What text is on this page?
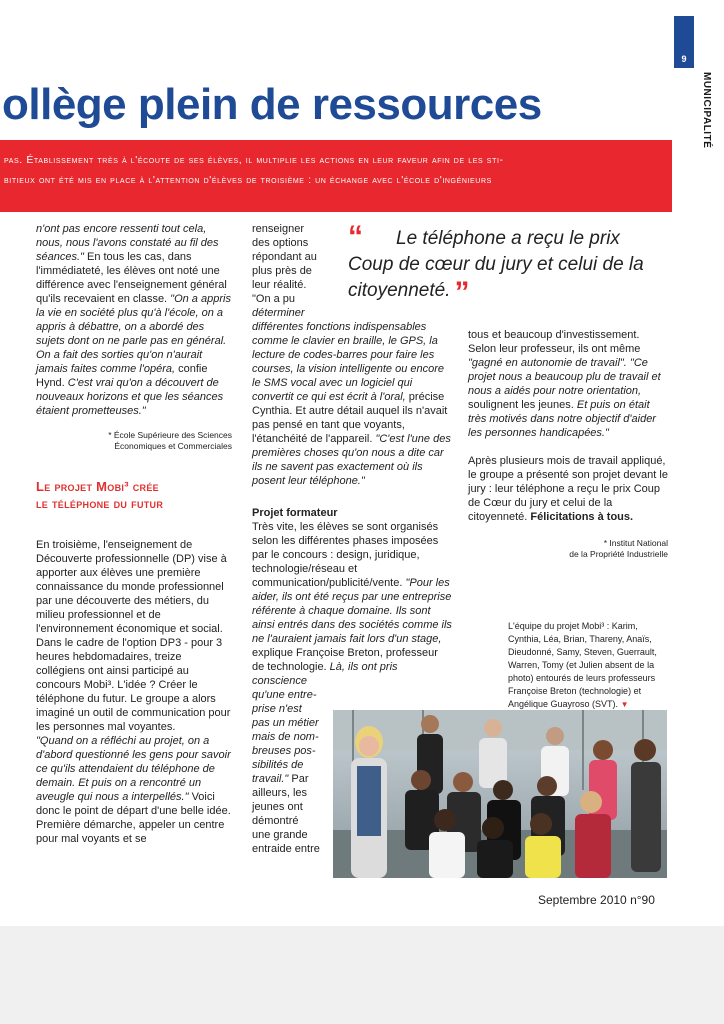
9
MUNICIPALITÉ
ollège plein de ressources
pas. Établissement très à l'écoute de ses élèves, il multiplie les actions en leur faveur afin de les sti-
bitieux ont été mis en place à l'attention d'élèves de troisième : un échange avec l'école d'ingénieurs

n'ont pas encore ressenti tout cela, nous, nous l'avons constaté au fil des séances." En tous les cas, dans l'immédiateté, les élèves ont noté une différence avec l'enseignement général qu'ils recevaient en classe. "On a appris la vie en société plus qu'à l'école, on a appris à débattre, on a abordé des sujets dont on ne parle pas en général. On a fait des sorties qu'on n'aurait jamais faites comme l'opéra, confie Hynd. C'est vrai qu'on a découvert de nouveaux horizons et que les séances étaient prometteuses."

* École Supérieure des Sciences
Économiques et Commerciales
Le projet Mobi³ crée
le téléphone du futur

En troisième, l'enseignement de Découverte professionnelle (DP) vise à apporter aux élèves une première connaissance du monde professionnel par une découverte des métiers, du milieu professionnel et de l'environnement économique et social. Dans le cadre de l'option DP3 - pour 3 heures hebdomadaires, treize collégiens ont ainsi participé au concours Mobi³. L'idée ? Créer le téléphone du futur. Le groupe a alors imaginé un outil de communication pour les personnes mal voyantes.

"Quand on a réfléchi au projet, on a d'abord questionné les gens pour savoir ce qu'ils attendaient du téléphone de demain. Et puis on a rencontré un aveugle qui nous a interpellés." Voici donc le point de départ d'une belle idée. Première démarche, appeler un centre pour mal voyants et se

“	Le téléphone a reçu le prix Coup de cœur du jury et celui de la citoyenneté. ”
renseigner
des options
répondant au
plus près de
leur réalité.
"On a pu
déterminer

différentes fonctions indispensables comme le clavier en braille, le GPS, la lecture de codes-barres pour faire les courses, la vision intelligente ou encore le SMS vocal avec un logiciel qui convertit ce qui est écrit à l'oral, précise Cynthia. Et autre détail auquel ils n'avait pas pensé en tant que voyants, l'étanchéité de l'appareil. "C'est l'une des premières choses qu'on nous a dite car ils ne savent pas exactement où ils posent leur téléphone."

Projet formateur

Très vite, les élèves se sont organisés selon les différentes phases imposées par le concours : design, juridique, technologie/réseau et communication/publicité/vente. "Pour les aider, ils ont été reçus par une entreprise référente à chaque domaine. Ils sont ainsi entrés dans des sociétés comme ils ne l'auraient jamais fait lors d'un stage, explique Françoise Breton, professeur de technologie. Là, ils ont pris

conscience
qu'une entre-
prise n'est
pas un métier
mais de nom-
breuses pos-
sibilités de
travail." Par
ailleurs, les
jeunes ont
démontré
une grande
entraide entre

tous et beaucoup d'investissement. Selon leur professeur, ils ont même "gagné en autonomie de travail". "Ce projet nous a beaucoup plu de travail et nous a aidés pour notre orientation, soulignent les jeunes. Et puis on était très motivés dans notre objectif d'aider les personnes handicapées."

Après plusieurs mois de travail appliqué, le groupe a présenté son projet devant le jury : leur téléphone a reçu le prix Coup de Cœur du jury et celui de la citoyenneté. Félicitations à tous.

* Institut National
de la Propriété Industrielle
L'équipe du projet Mobi³ : Karim, Cynthia, Léa, Brian, Thareny, Anaïs, Dieudonné, Samy, Steven, Guerrault, Warren, Tomy (et Julien absent de la photo) entourés de leurs professeurs Françoise Breton (technologie) et Angélique Guayroso (SVT). ▼
Septembre 2010 n°90
